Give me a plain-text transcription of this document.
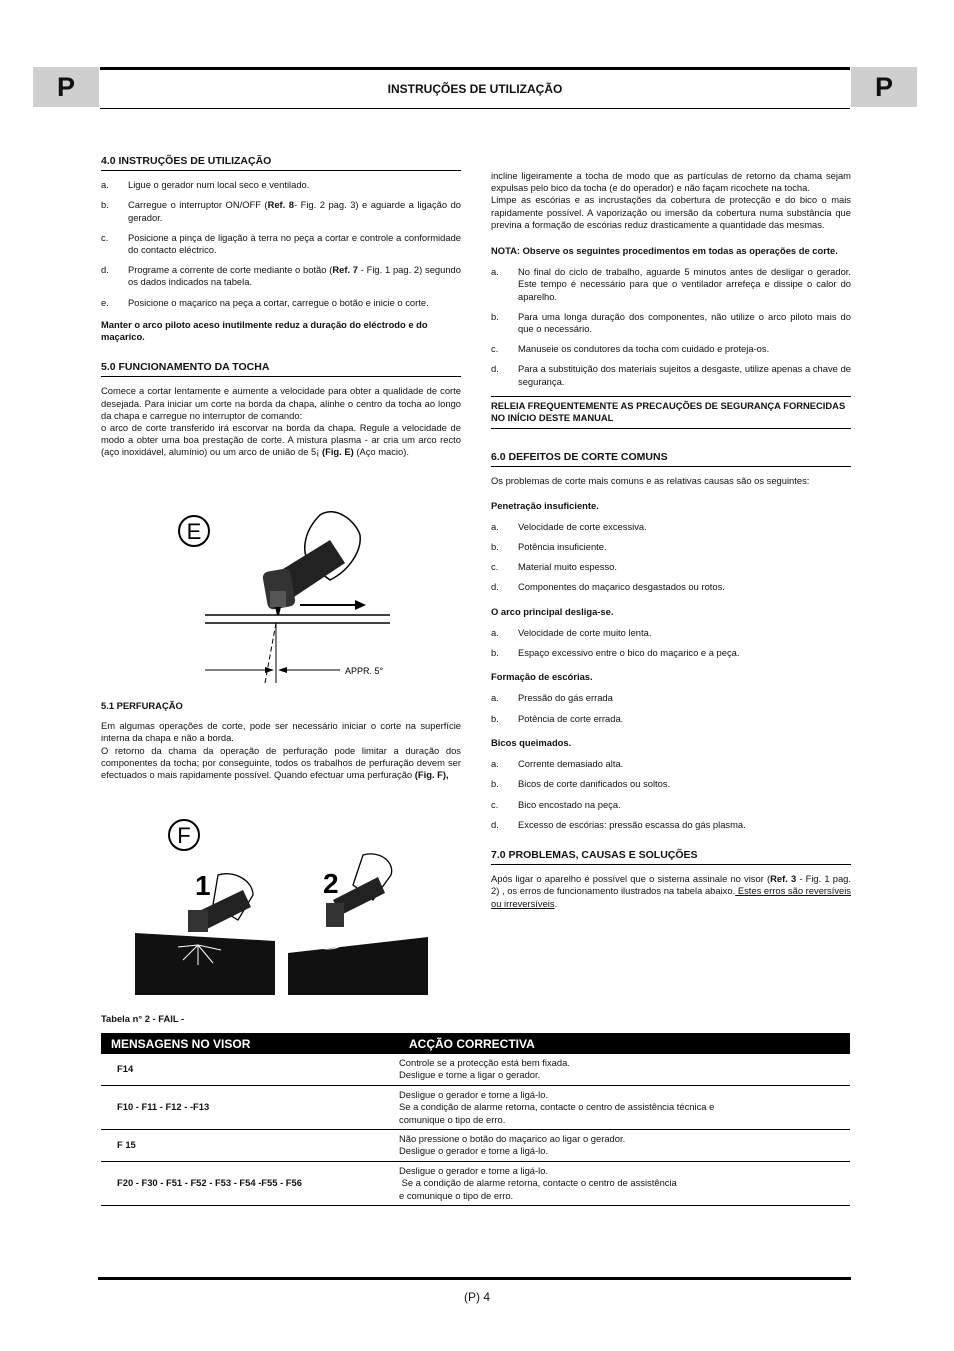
P	INSTRUÇÕES DE UTILIZAÇÃO	P
4.0 INSTRUÇÕES DE UTILIZAÇÃO
a.	Ligue o gerador num local seco e ventilado.
b.	Carregue o interruptor ON/OFF (Ref. 8- Fig. 2 pag. 3) e aguarde a ligação do gerador.
c.	Posicione a pinça de ligação à terra no peça a cortar e controle a conformidade do contacto eléctrico.
d.	Programe a corrente de corte mediante o botão (Ref. 7 - Fig. 1 pag. 2) segundo os dados indicados na tabela.
e.	Posicione o maçarico na peça a cortar, carregue o botão e inicie o corte.
Manter o arco piloto aceso inutilmente reduz a duração do eléctrodo e do maçarico.
5.0 FUNCIONAMENTO DA TOCHA

Comece a cortar lentamente e aumente a velocidade para obter a qualidade de corte desejada. Para iniciar um corte na borda da chapa, alinhe o centro da tocha ao longo da chapa e carregue no interruptor de comando:

o arco de corte transferido irá escorvar na borda da chapa. Regule a velocidade de modo a obter uma boa prestação de corte. A mistura plasma - ar cria um arco recto (aço inoxidável, alumínio) ou um arco de união de 5¡ (Fig. E) (Aço macio).

E
APPR. 5°
5.1 PERFURAÇÃO

Em algumas operações de corte, pode ser necessário iniciar o corte na superfície interna da chapa e não a borda.

O retorno da chama da operação de perfuração pode limitar a duração dos componentes da tocha; por conseguinte, todos os trabalhos de perfuração devem ser efectuados o mais rapidamente possível. Quando efectuar uma perfuração (Fig. F),

F
1	2

incline ligeiramente a tocha de modo que as partículas de retorno da chama sejam expulsas pelo bico da tocha (e do operador) e não façam ricochete na tocha.

Limpe as escórias e as incrustações da cobertura de protecção e do bico o mais rapidamente possível. A vaporização ou imersão da cobertura numa substância que previna a formação de escórias reduz drasticamente a quantidade das mesmas.

NOTA: Observe os seguintes procedimentos em todas as operações de corte.
a.	No final do ciclo de trabalho, aguarde 5 minutos antes de desligar o gerador. Este tempo é necessário para que o ventilador arrefeça e dissipe o calor do aparelho.
b.	Para uma longa duração dos componentes, não utilize o arco piloto mais do que o necessário.
c.	Manuseie os condutores da tocha com cuidado e proteja-os.
d.	Para a substituição dos materiais sujeitos a desgaste, utilize apenas a chave de segurança.
RELEIA FREQUENTEMENTE AS PRECAUÇÕES DE SEGURANÇA FORNECIDAS NO INÍCIO DESTE MANUAL
6.0 DEFEITOS DE CORTE COMUNS
Os problemas de corte mais comuns e as relativas causas são os seguintes:
Penetração insuficiente.
a.	Velocidade de corte excessiva.
b.	Potência insuficiente.
c.	Material muito espesso.
d.	Componentes do maçarico desgastados ou rotos.
O arco principal desliga-se.
a.	Velocidade de corte muito lenta.
b.	Espaço excessivo entre o bico do maçarico e a peça.
Formação de escórias.
a.	Pressão do gás errada
b.	Potência de corte errada.
Bicos queimados.
a.	Corrente demasiado alta.
b.	Bicos de corte danificados ou soltos.
c.	Bico encostado na peça.
d.	Excesso de escórias: pressão escassa do gás plasma.
7.0 PROBLEMAS, CAUSAS E SOLUÇÕES

Após ligar o aparelho é possível que o sistema assinale no visor (Ref. 3 - Fig. 1 pag. 2) , os erros de funcionamento ilustrados na tabela abaixo. Estes erros são reversíveis ou irreversíveis.

Tabela n° 2 - FAIL -
MENSAGENS NO VISOR	ACÇÃO CORRECTIVA
F14	Controle se a protecção está bem fixada.
Desligue e torne a ligar o gerador.

F10 - F11 - F12 - -F13	Desligue o gerador e torne a ligá-lo.
Se a condição de alarme retorna, contacte o centro de assistência técnica e
comunique o tipo de erro.

F 15	Não pressione o botão do maçarico ao ligar o gerador.
Desligue o gerador e torne a ligá-lo.

F20 - F30 - F51 - F52 - F53 - F54 -F55 - F56	Desligue o gerador e torne a ligá-lo.
Se a condição de alarme retorna, contacte o centro de assistência
e comunique o tipo de erro.
(P) 4
